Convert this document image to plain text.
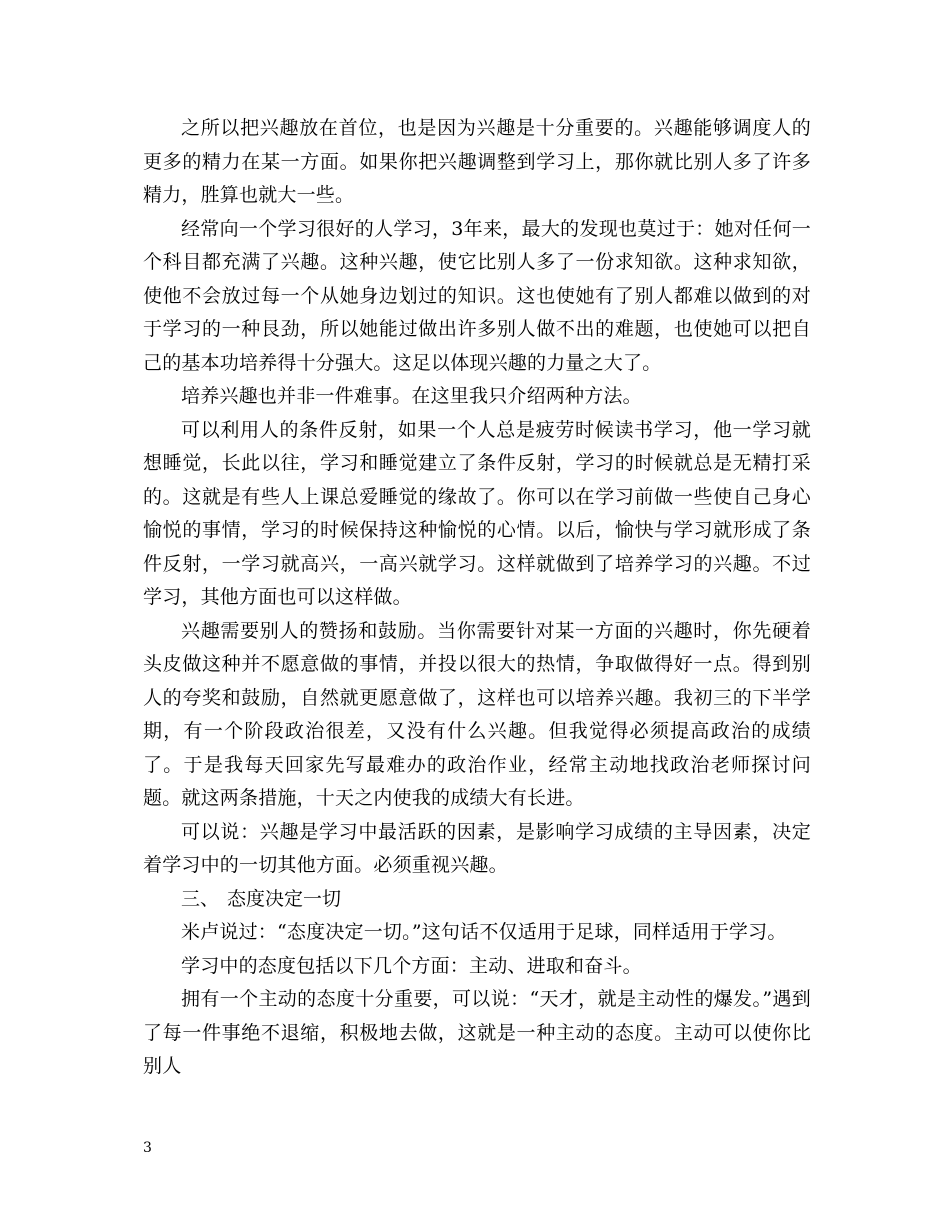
之所以把兴趣放在首位，也是因为兴趣是十分重要的。兴趣能够调度人的更多的精力在某一方面。如果你把兴趣调整到学习上，那你就比别人多了许多精力，胜算也就大一些。

经常向一个学习很好的人学习，3年来，最大的发现也莫过于：她对任何一个科目都充满了兴趣。这种兴趣，使它比别人多了一份求知欲。这种求知欲，使他不会放过每一个从她身边划过的知识。这也使她有了别人都难以做到的对于学习的一种艮劲，所以她能过做出许多别人做不出的难题，也使她可以把自己的基本功培养得十分强大。这足以体现兴趣的力量之大了。

培养兴趣也并非一件难事。在这里我只介绍两种方法。

可以利用人的条件反射，如果一个人总是疲劳时候读书学习，他一学习就想睡觉，长此以往，学习和睡觉建立了条件反射，学习的时候就总是无精打采的。这就是有些人上课总爱睡觉的缘故了。你可以在学习前做一些使自己身心愉悦的事情，学习的时候保持这种愉悦的心情。以后，愉快与学习就形成了条件反射，一学习就高兴，一高兴就学习。这样就做到了培养学习的兴趣。不过学习，其他方面也可以这样做。

兴趣需要别人的赞扬和鼓励。当你需要针对某一方面的兴趣时，你先硬着头皮做这种并不愿意做的事情，并投以很大的热情，争取做得好一点。得到别人的夸奖和鼓励，自然就更愿意做了，这样也可以培养兴趣。我初三的下半学期，有一个阶段政治很差，又没有什么兴趣。但我觉得必须提高政治的成绩了。于是我每天回家先写最难办的政治作业，经常主动地找政治老师探讨问题。就这两条措施，十天之内使我的成绩大有长进。

可以说：兴趣是学习中最活跃的因素，是影响学习成绩的主导因素，决定着学习中的一切其他方面。必须重视兴趣。

三、 态度决定一切

米卢说过：“态度决定一切。”这句话不仅适用于足球，同样适用于学习。

学习中的态度包括以下几个方面：主动、进取和奋斗。

拥有一个主动的态度十分重要，可以说：“天才，就是主动性的爆发。”遇到了每一件事绝不退缩，积极地去做，这就是一种主动的态度。主动可以使你比别人

3
